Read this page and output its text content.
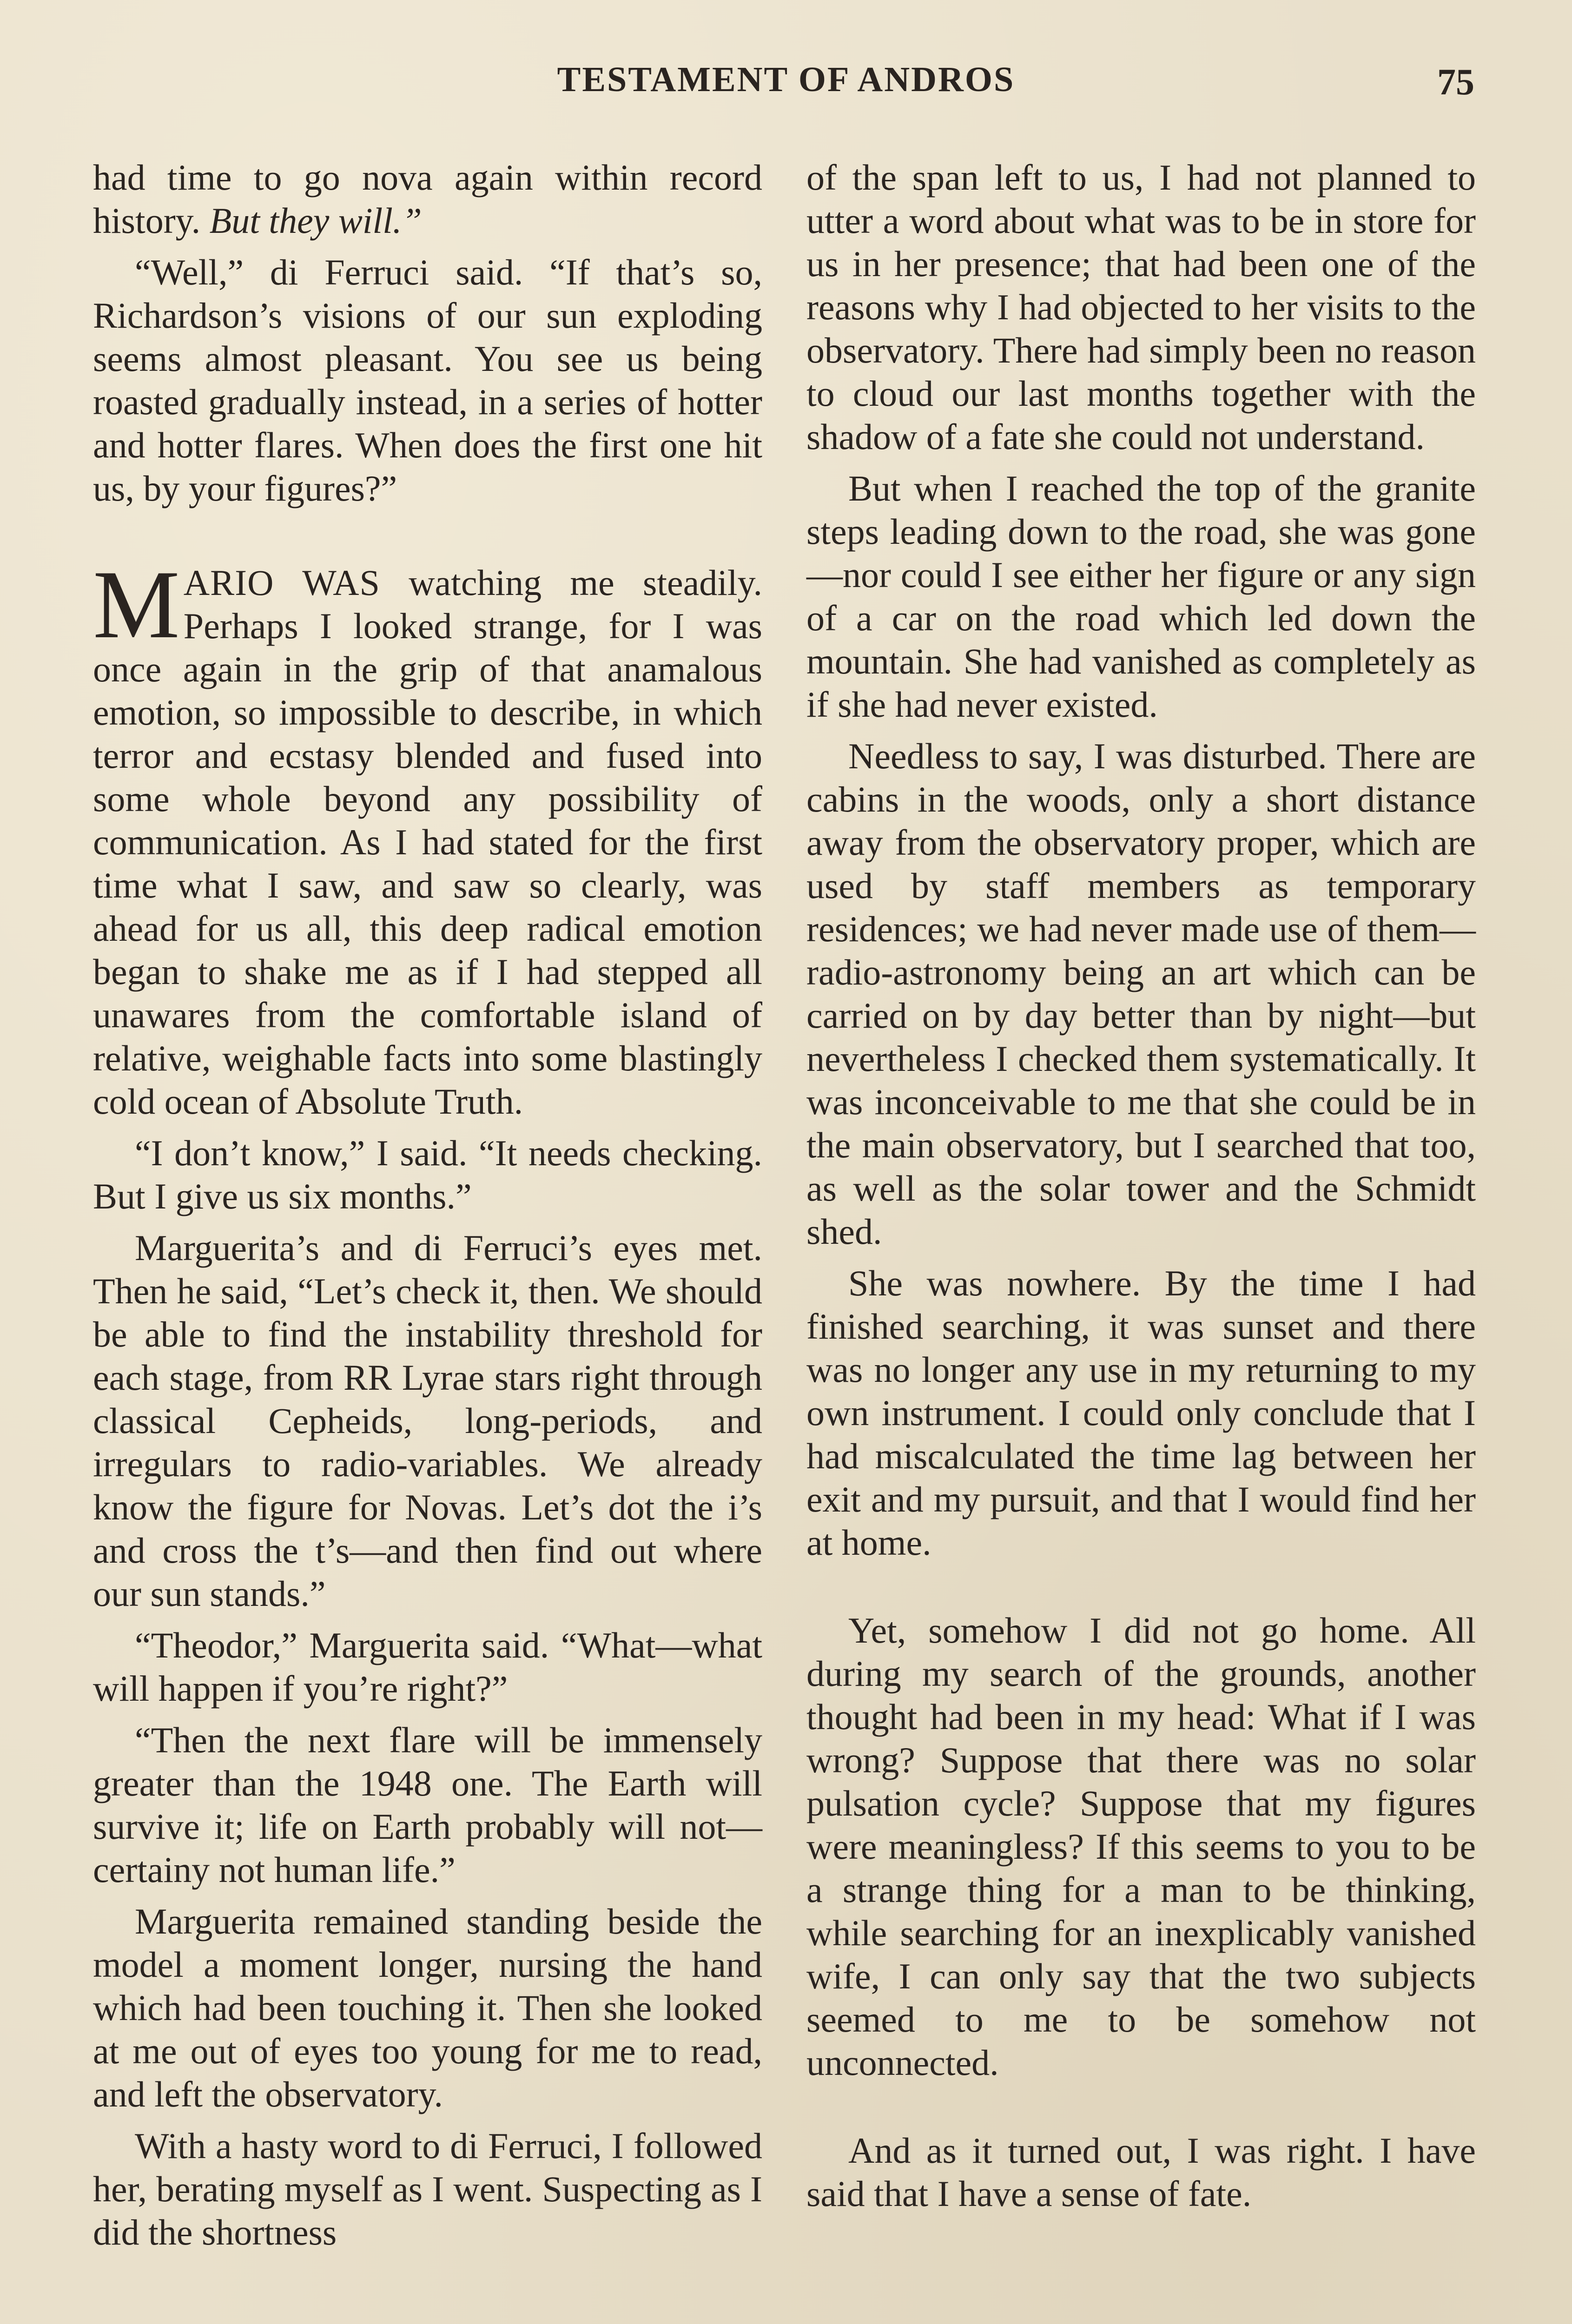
TESTAMENT OF ANDROS	75

had time to go nova again within record history. But they will.”

“Well,” di Ferruci said. “If that’s so, Richardson’s visions of our sun exploding seems almost pleasant. You see us being roasted gradually instead, in a series of hotter and hotter flares. When does the first one hit us, by your figures?”

MARIO WAS watching me steadily. Perhaps I looked strange, for I was once again in the grip of that anamalous emotion, so impossible to describe, in which terror and ecstasy blended and fused into some whole beyond any possibility of communication. As I had stated for the first time what I saw, and saw so clearly, was ahead for us all, this deep radical emotion began to shake me as if I had stepped all unawares from the comfortable island of relative, weighable facts into some blastingly cold ocean of Absolute Truth.

“I don’t know,” I said. “It needs checking. But I give us six months.”

Marguerita’s and di Ferruci’s eyes met. Then he said, “Let’s check it, then. We should be able to find the instability threshold for each stage, from RR Lyrae stars right through classical Cepheids, long-periods, and irregulars to radio-variables. We already know the figure for Novas. Let’s dot the i’s and cross the t’s—and then find out where our sun stands.”

“Theodor,” Marguerita said. “What—what will happen if you’re right?”

“Then the next flare will be immensely greater than the 1948 one. The Earth will survive it; life on Earth probably will not—certainy not human life.”

Marguerita remained standing beside the model a moment longer, nursing the hand which had been touching it. Then she looked at me out of eyes too young for me to read, and left the observatory.

With a hasty word to di Ferruci, I followed her, berating myself as I went. Suspecting as I did the shortness

of the span left to us, I had not planned to utter a word about what was to be in store for us in her presence; that had been one of the reasons why I had objected to her visits to the observatory. There had simply been no reason to cloud our last months together with the shadow of a fate she could not understand.

But when I reached the top of the granite steps leading down to the road, she was gone—nor could I see either her figure or any sign of a car on the road which led down the mountain. She had vanished as completely as if she had never existed.

Needless to say, I was disturbed. There are cabins in the woods, only a short distance away from the observatory proper, which are used by staff members as temporary residences; we had never made use of them—radio-astronomy being an art which can be carried on by day better than by night—but nevertheless I checked them systematically. It was inconceivable to me that she could be in the main observatory, but I searched that too, as well as the solar tower and the Schmidt shed.

She was nowhere. By the time I had finished searching, it was sunset and there was no longer any use in my returning to my own instrument. I could only conclude that I had miscalculated the time lag between her exit and my pursuit, and that I would find her at home.

Yet, somehow I did not go home. All during my search of the grounds, another thought had been in my head: What if I was wrong? Suppose that there was no solar pulsation cycle? Suppose that my figures were meaningless? If this seems to you to be a strange thing for a man to be thinking, while searching for an inexplicably vanished wife, I can only say that the two subjects seemed to me to be somehow not unconnected.

And as it turned out, I was right. I have said that I have a sense of fate.
